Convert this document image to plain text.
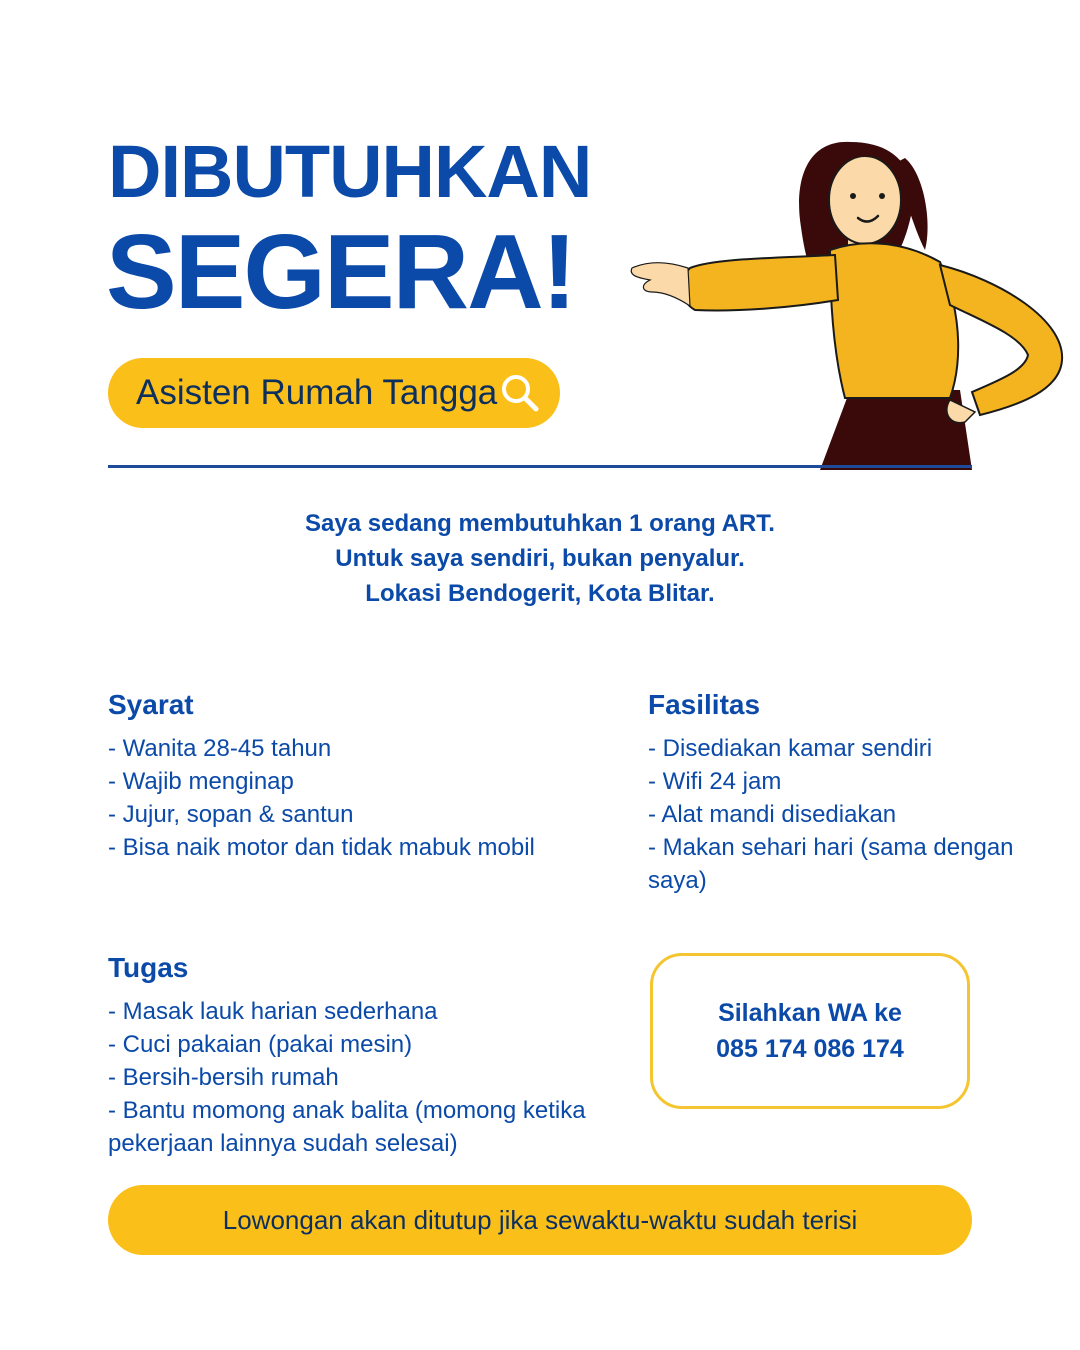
DIBUTUHKAN
SEGERA!
Asisten Rumah Tangga
Saya sedang membutuhkan 1 orang ART.
Untuk saya sendiri, bukan penyalur.
Lokasi Bendogerit, Kota Blitar.
Syarat
- Wanita 28-45 tahun
- Wajib menginap
- Jujur, sopan & santun
- Bisa naik motor dan tidak mabuk mobil
Fasilitas
- Disediakan kamar sendiri
- Wifi 24 jam
- Alat mandi disediakan
- Makan sehari hari (sama dengan saya)
Tugas
- Masak lauk harian sederhana
- Cuci pakaian (pakai mesin)
- Bersih-bersih rumah
- Bantu momong anak balita (momong ketika pekerjaan lainnya sudah selesai)
Silahkan WA ke
085 174 086 174
Lowongan akan ditutup jika sewaktu-waktu sudah terisi
